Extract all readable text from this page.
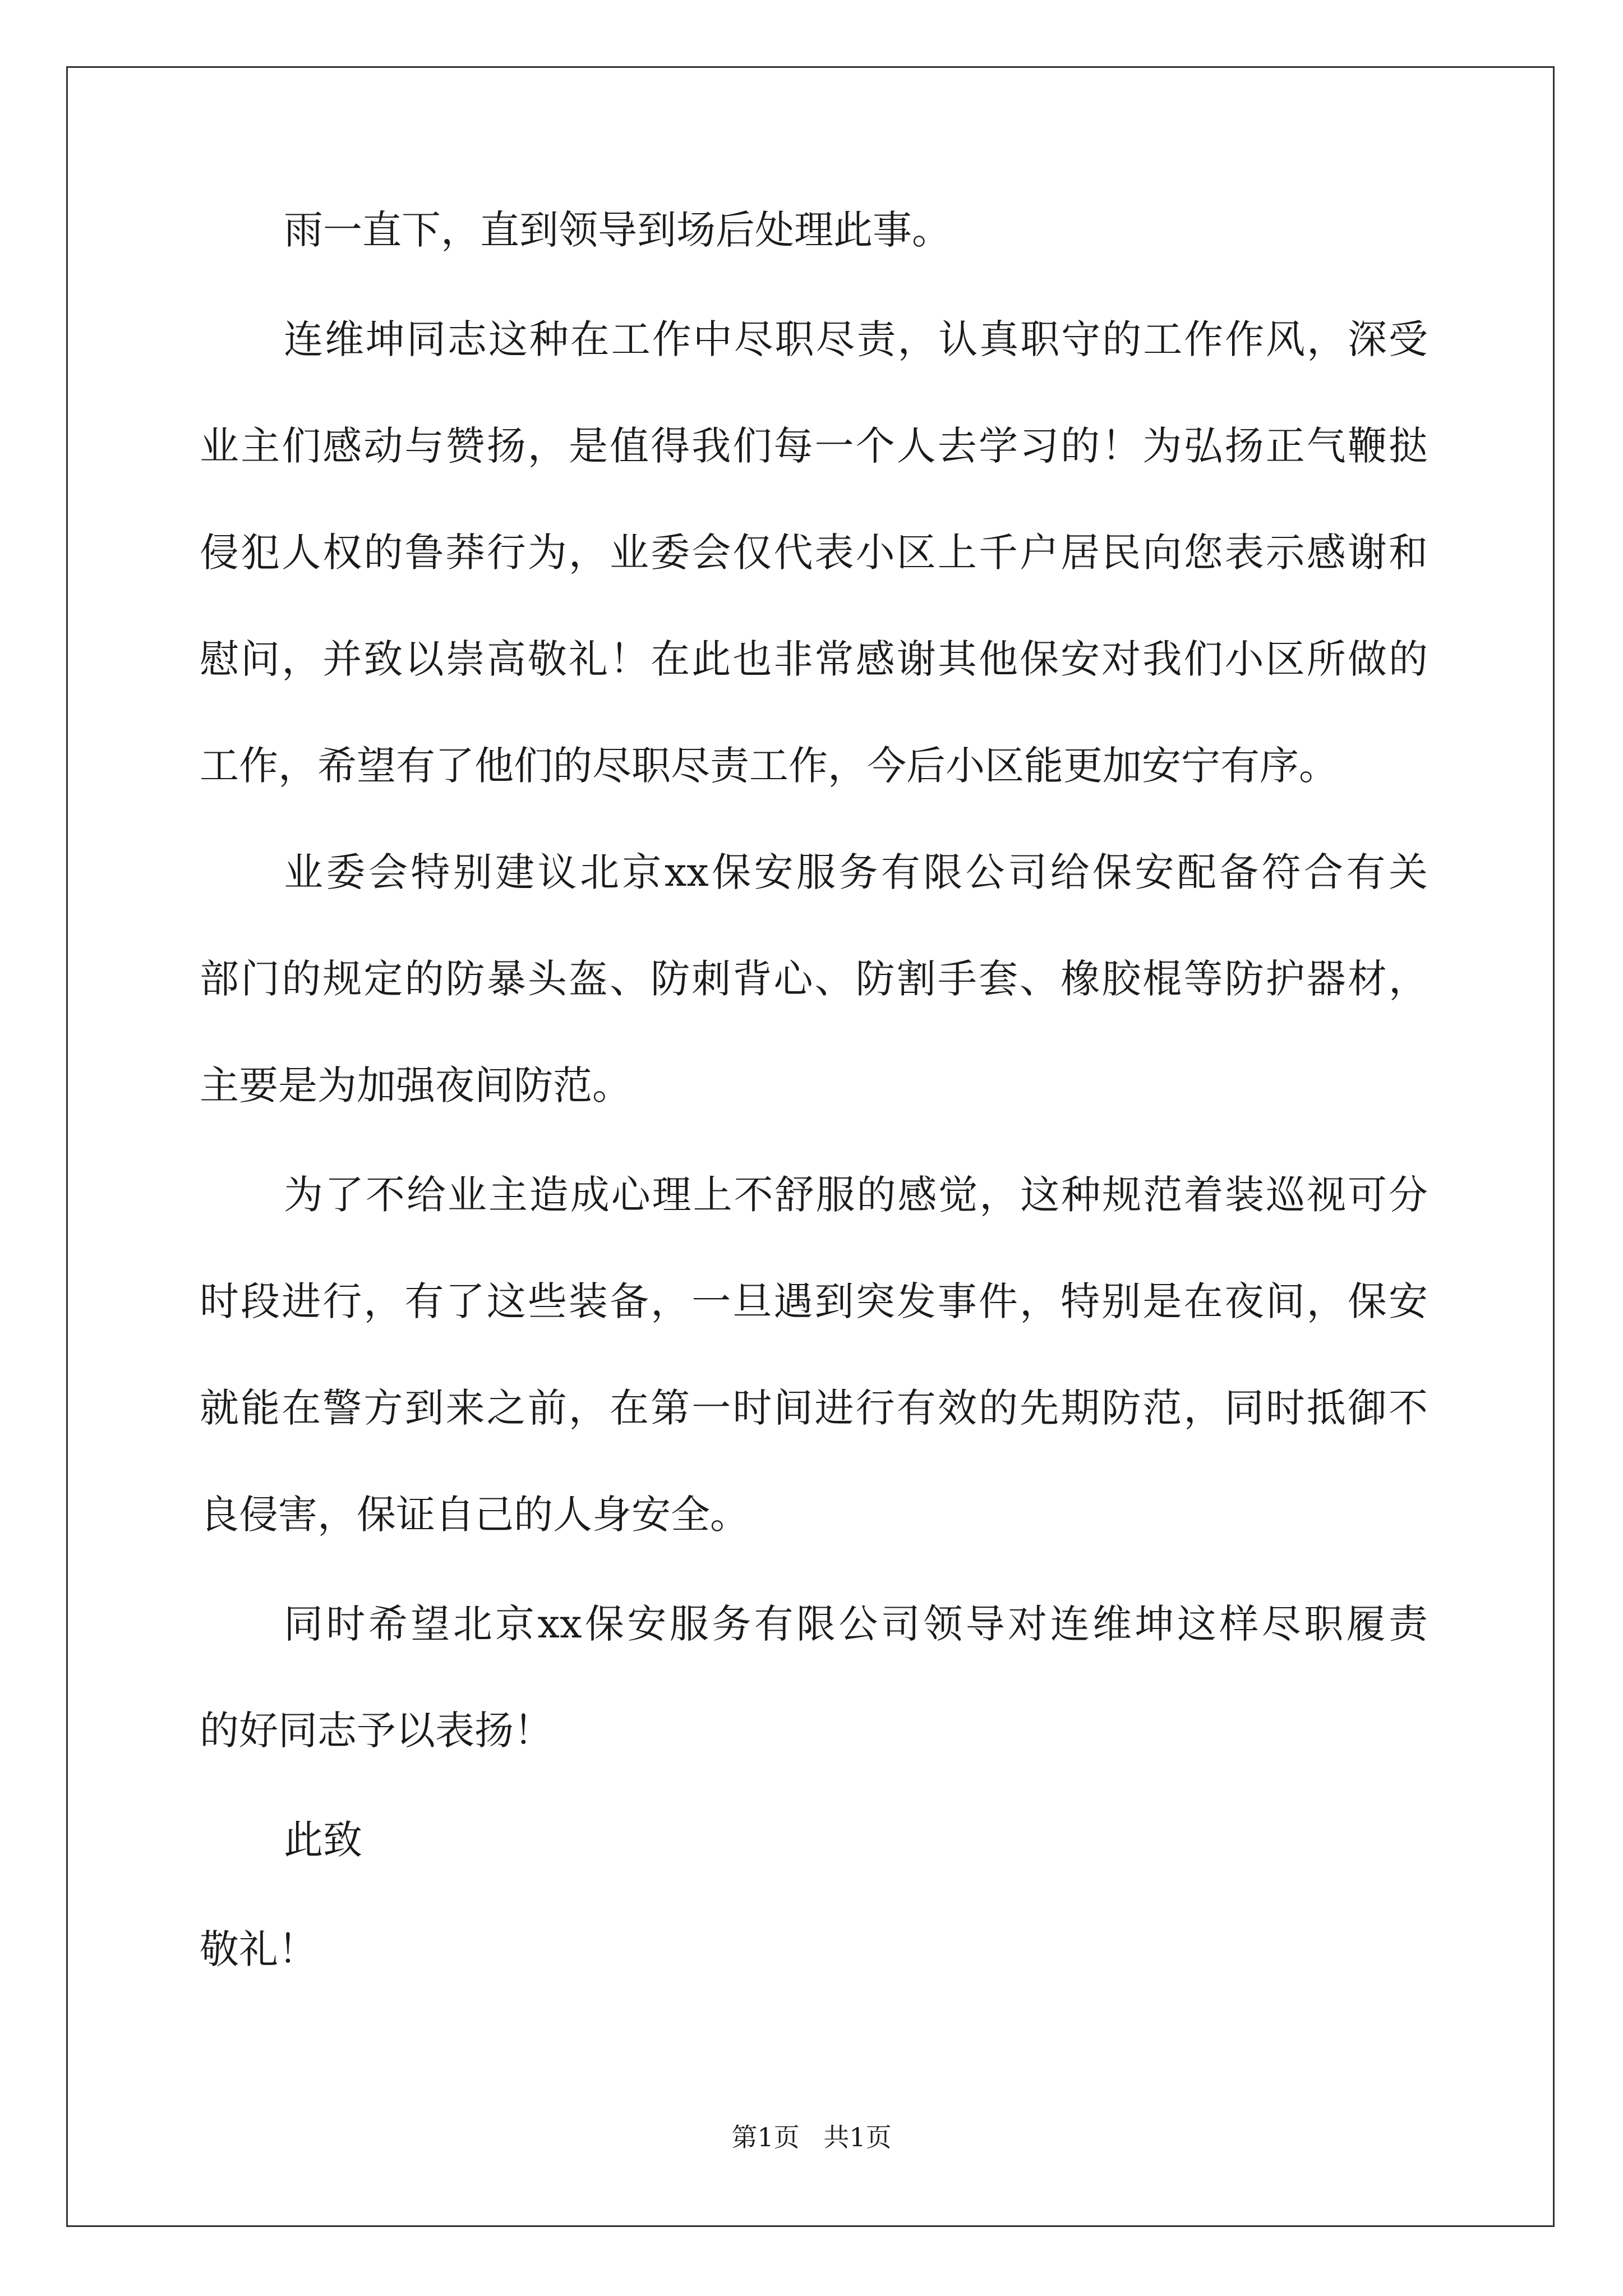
雨一直下，直到领导到场后处理此事。
连维坤同志这种在工作中尽职尽责，认真职守的工作作风，深受
业主们感动与赞扬，是值得我们每一个人去学习的！为弘扬正气鞭挞
侵犯人权的鲁莽行为，业委会仅代表小区上千户居民向您表示感谢和
慰问，并致以崇高敬礼！在此也非常感谢其他保安对我们小区所做的
工作，希望有了他们的尽职尽责工作，今后小区能更加安宁有序。
业委会特别建议北京xx保安服务有限公司给保安配备符合有关
部门的规定的防暴头盔、防刺背心、防割手套、橡胶棍等防护器材，
主要是为加强夜间防范。
为了不给业主造成心理上不舒服的感觉，这种规范着装巡视可分
时段进行，有了这些装备，一旦遇到突发事件，特别是在夜间，保安
就能在警方到来之前，在第一时间进行有效的先期防范，同时抵御不
良侵害，保证自己的人身安全。
同时希望北京xx保安服务有限公司领导对连维坤这样尽职履责
的好同志予以表扬！
此致
敬礼！
第1页 共1页
